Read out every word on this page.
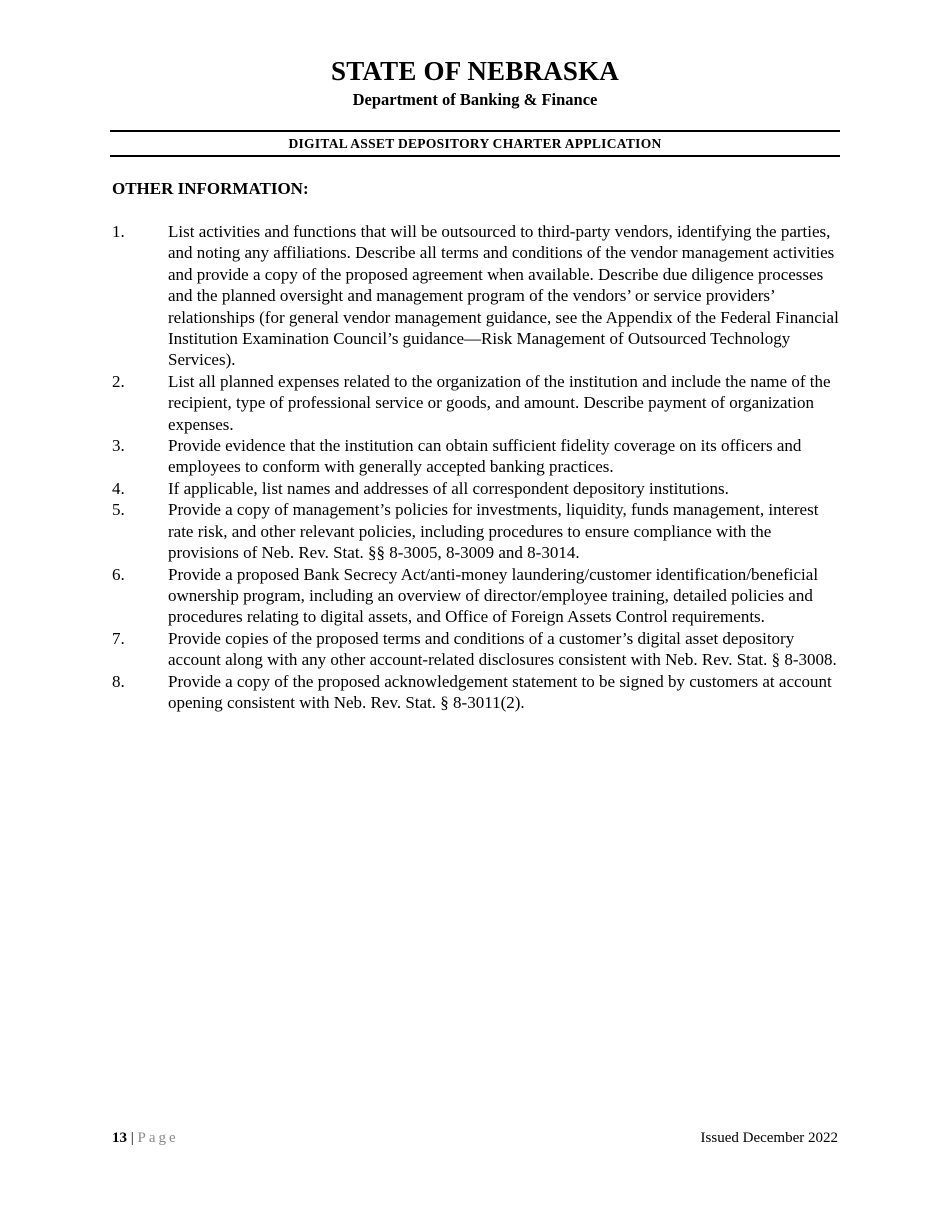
STATE OF NEBRASKA
Department of Banking & Finance
DIGITAL ASSET DEPOSITORY CHARTER APPLICATION
OTHER INFORMATION:
1.	List activities and functions that will be outsourced to third-party vendors, identifying the parties, and noting any affiliations. Describe all terms and conditions of the vendor management activities and provide a copy of the proposed agreement when available. Describe due diligence processes and the planned oversight and management program of the vendors’ or service providers’ relationships (for general vendor management guidance, see the Appendix of the Federal Financial Institution Examination Council’s guidance—Risk Management of Outsourced Technology Services).
2.	List all planned expenses related to the organization of the institution and include the name of the recipient, type of professional service or goods, and amount. Describe payment of organization expenses.
3.	Provide evidence that the institution can obtain sufficient fidelity coverage on its officers and employees to conform with generally accepted banking practices.
4.	If applicable, list names and addresses of all correspondent depository institutions.
5.	Provide a copy of management’s policies for investments, liquidity, funds management, interest rate risk, and other relevant policies, including procedures to ensure compliance with the provisions of Neb. Rev. Stat. §§ 8-3005, 8-3009 and 8-3014.
6.	Provide a proposed Bank Secrecy Act/anti-money laundering/customer identification/beneficial ownership program, including an overview of director/employee training, detailed policies and procedures relating to digital assets, and Office of Foreign Assets Control requirements.
7.	Provide copies of the proposed terms and conditions of a customer’s digital asset depository account along with any other account-related disclosures consistent with Neb. Rev. Stat. § 8-3008.
8.	Provide a copy of the proposed acknowledgement statement to be signed by customers at account opening consistent with Neb. Rev. Stat. § 8-3011(2).
13 | Page	Issued December 2022
